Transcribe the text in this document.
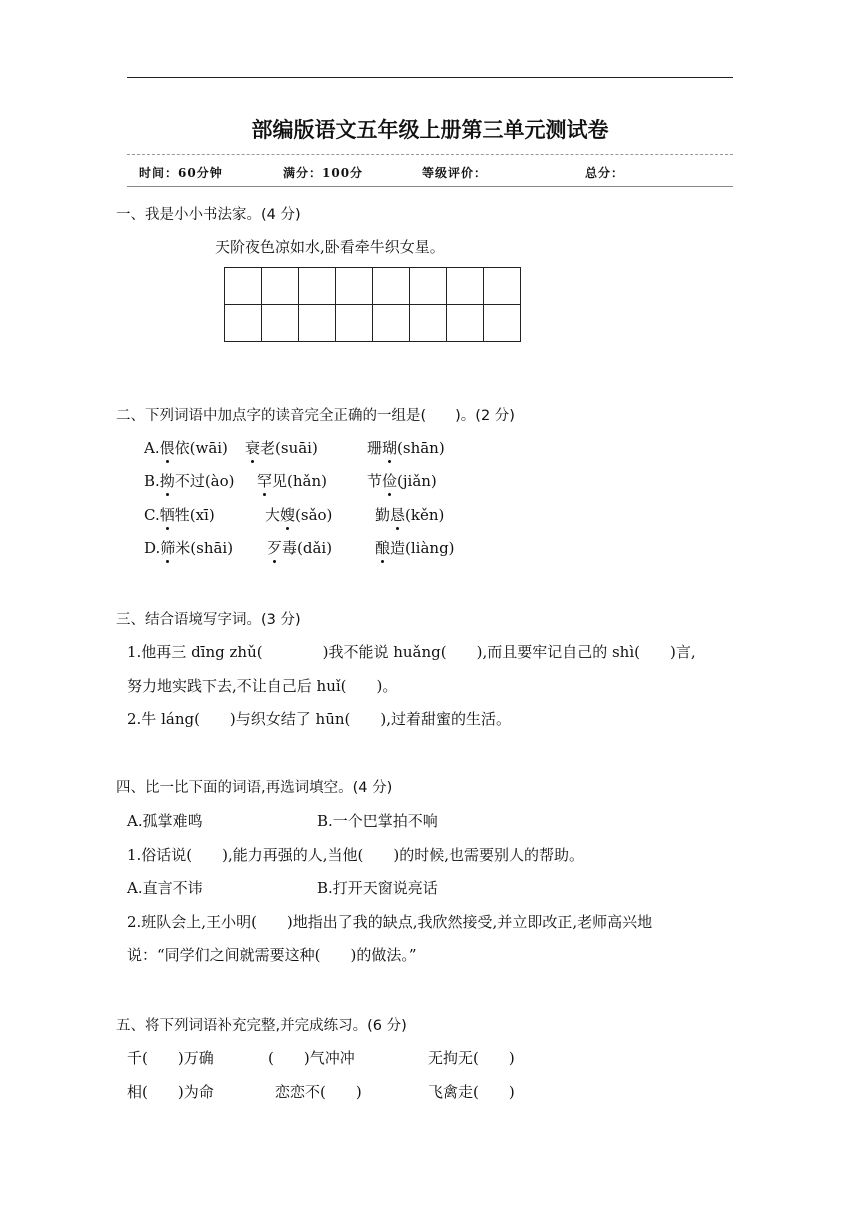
部编版语文五年级上册第三单元测试卷
时间：60分钟	满分：100分	等级评价：	总分：
一、我是小小书法家。(4 分)
天阶夜色凉如水,卧看牵牛织女星。

二、下列词语中加点字的读音完全正确的一组是(　　)。(2 分)
A.偎依(wāi) 衰老(suāi)	珊瑚(shān)
B.拗不过(ào) 罕见(hǎn)	节俭(jiǎn)
C.牺牲(xī)	大嫂(sǎo)	勤恳(kěn)
D.筛米(shāi) 歹毒(dǎi)	酿造(liàng)
三、结合语境写字词。(3 分)
1.他再三 dīng zhǔ(　　　　)我不能说 huǎng(　　),而且要牢记自己的 shì(　　)言,
努力地实践下去,不让自己后 huǐ(　　)。
2.牛 láng(　　)与织女结了 hūn(　　),过着甜蜜的生活。
四、比一比下面的词语,再选词填空。(4 分)
A.孤掌难鸣	B.一个巴掌拍不响
1.俗话说(　　),能力再强的人,当他(　　)的时候,也需要别人的帮助。
A.直言不讳	B.打开天窗说亮话
2.班队会上,王小明(　　)地指出了我的缺点,我欣然接受,并立即改正,老师高兴地
说：“同学们之间就需要这种(　　)的做法。”
五、将下列词语补充完整,并完成练习。(6 分)
千(　　)万确	(　　)气冲冲	无拘无(　　)
相(　　)为命	恋恋不(　　)	飞禽走(　　)
